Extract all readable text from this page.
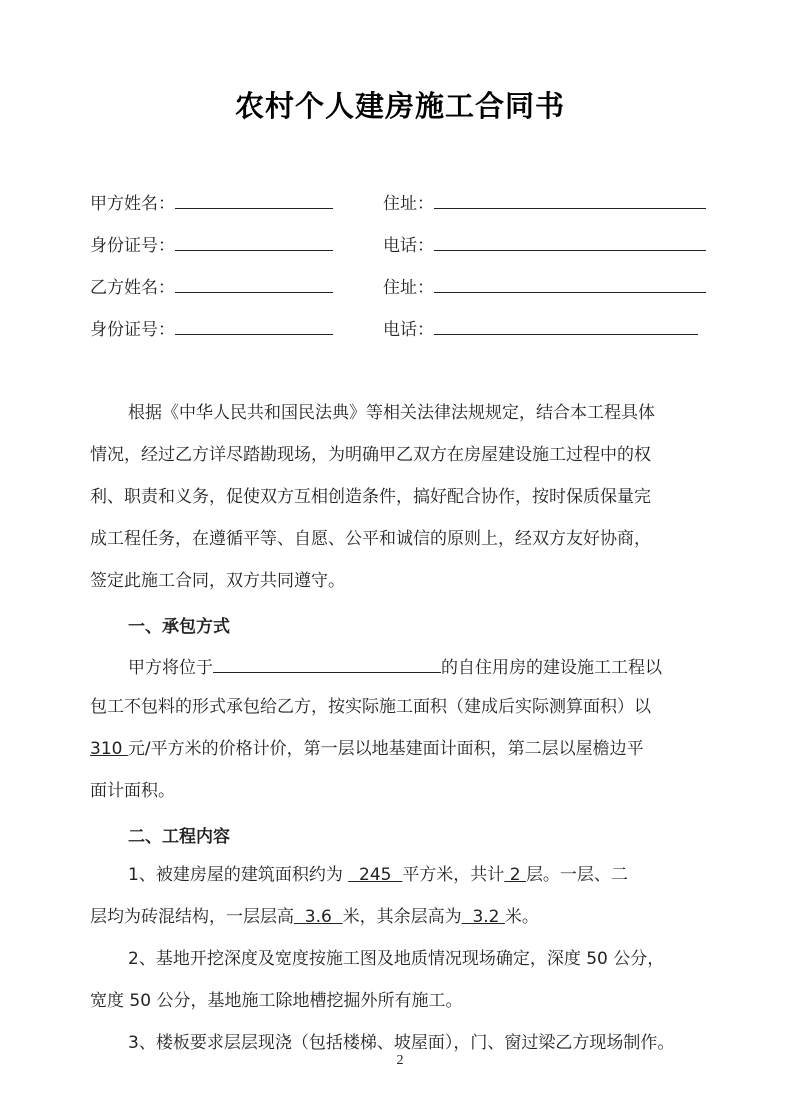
农村个人建房施工合同书
甲方姓名：	住址：
身份证号：	电话：
乙方姓名：	住址：
身份证号：	电话：
根据《中华人民共和国民法典》等相关法律法规规定，结合本工程具体
情况，经过乙方详尽踏勘现场，为明确甲乙双方在房屋建设施工过程中的权
利、职责和义务，促使双方互相创造条件，搞好配合协作，按时保质保量完
成工程任务，在遵循平等、自愿、公平和诚信的原则上，经双方友好协商，
签定此施工合同，双方共同遵守。
一、承包方式
甲方将位于	的自住用房的建设施工工程以
包工不包料的形式承包给乙方，按实际施工面积（建成后实际测算面积）以
310 元/平方米的价格计价，第一层以地基建面计面积，第二层以屋檐边平
面计面积。
二、工程内容
1、被建房屋的建筑面积约为   245  平方米，共计 2 层。一层、二
层均为砖混结构，一层层高  3.6  米，其余层高为  3.2 米。
2、基地开挖深度及宽度按施工图及地质情况现场确定，深度 50 公分，
宽度 50 公分，基地施工除地槽挖掘外所有施工。
3、楼板要求层层现浇（包括楼梯、坡屋面），门、窗过梁乙方现场制作。
2
